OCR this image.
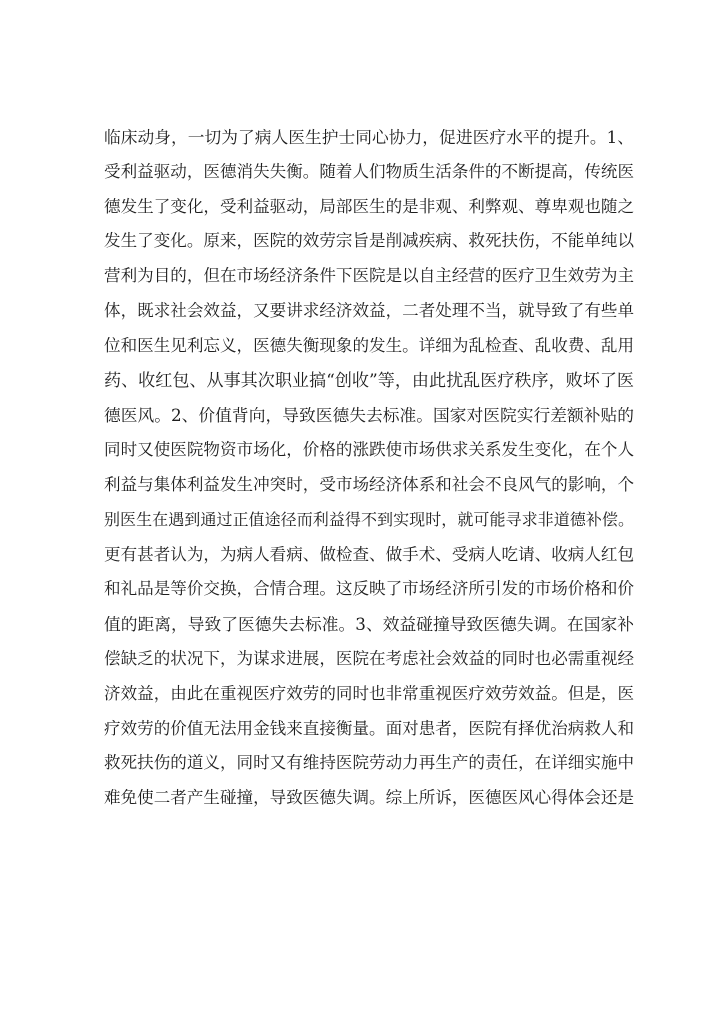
临床动身，一切为了病人医生护士同心协力，促进医疗水平的提升。1、
受利益驱动，医德消失失衡。随着人们物质生活条件的不断提高，传统医
德发生了变化，受利益驱动，局部医生的是非观、利弊观、尊卑观也随之
发生了变化。原来，医院的效劳宗旨是削减疾病、救死扶伤，不能单纯以
营利为目的，但在市场经济条件下医院是以自主经营的医疗卫生效劳为主
体，既求社会效益，又要讲求经济效益，二者处理不当，就导致了有些单
位和医生见利忘义，医德失衡现象的发生。详细为乱检查、乱收费、乱用
药、收红包、从事其次职业搞“创收”等，由此扰乱医疗秩序，败坏了医
德医风。2、价值背向，导致医德失去标准。国家对医院实行差额补贴的
同时又使医院物资市场化，价格的涨跌使市场供求关系发生变化，在个人
利益与集体利益发生冲突时，受市场经济体系和社会不良风气的影响，个
别医生在遇到通过正值途径而利益得不到实现时，就可能寻求非道德补偿。
更有甚者认为，为病人看病、做检查、做手术、受病人吃请、收病人红包
和礼品是等价交换，合情合理。这反映了市场经济所引发的市场价格和价
值的距离，导致了医德失去标准。3、效益碰撞导致医德失调。在国家补
偿缺乏的状况下，为谋求进展，医院在考虑社会效益的同时也必需重视经
济效益，由此在重视医疗效劳的同时也非常重视医疗效劳效益。但是，医
疗效劳的价值无法用金钱来直接衡量。面对患者，医院有择优治病救人和
救死扶伤的道义，同时又有维持医院劳动力再生产的责任，在详细实施中
难免使二者产生碰撞，导致医德失调。综上所诉，医德医风心得体会还是
